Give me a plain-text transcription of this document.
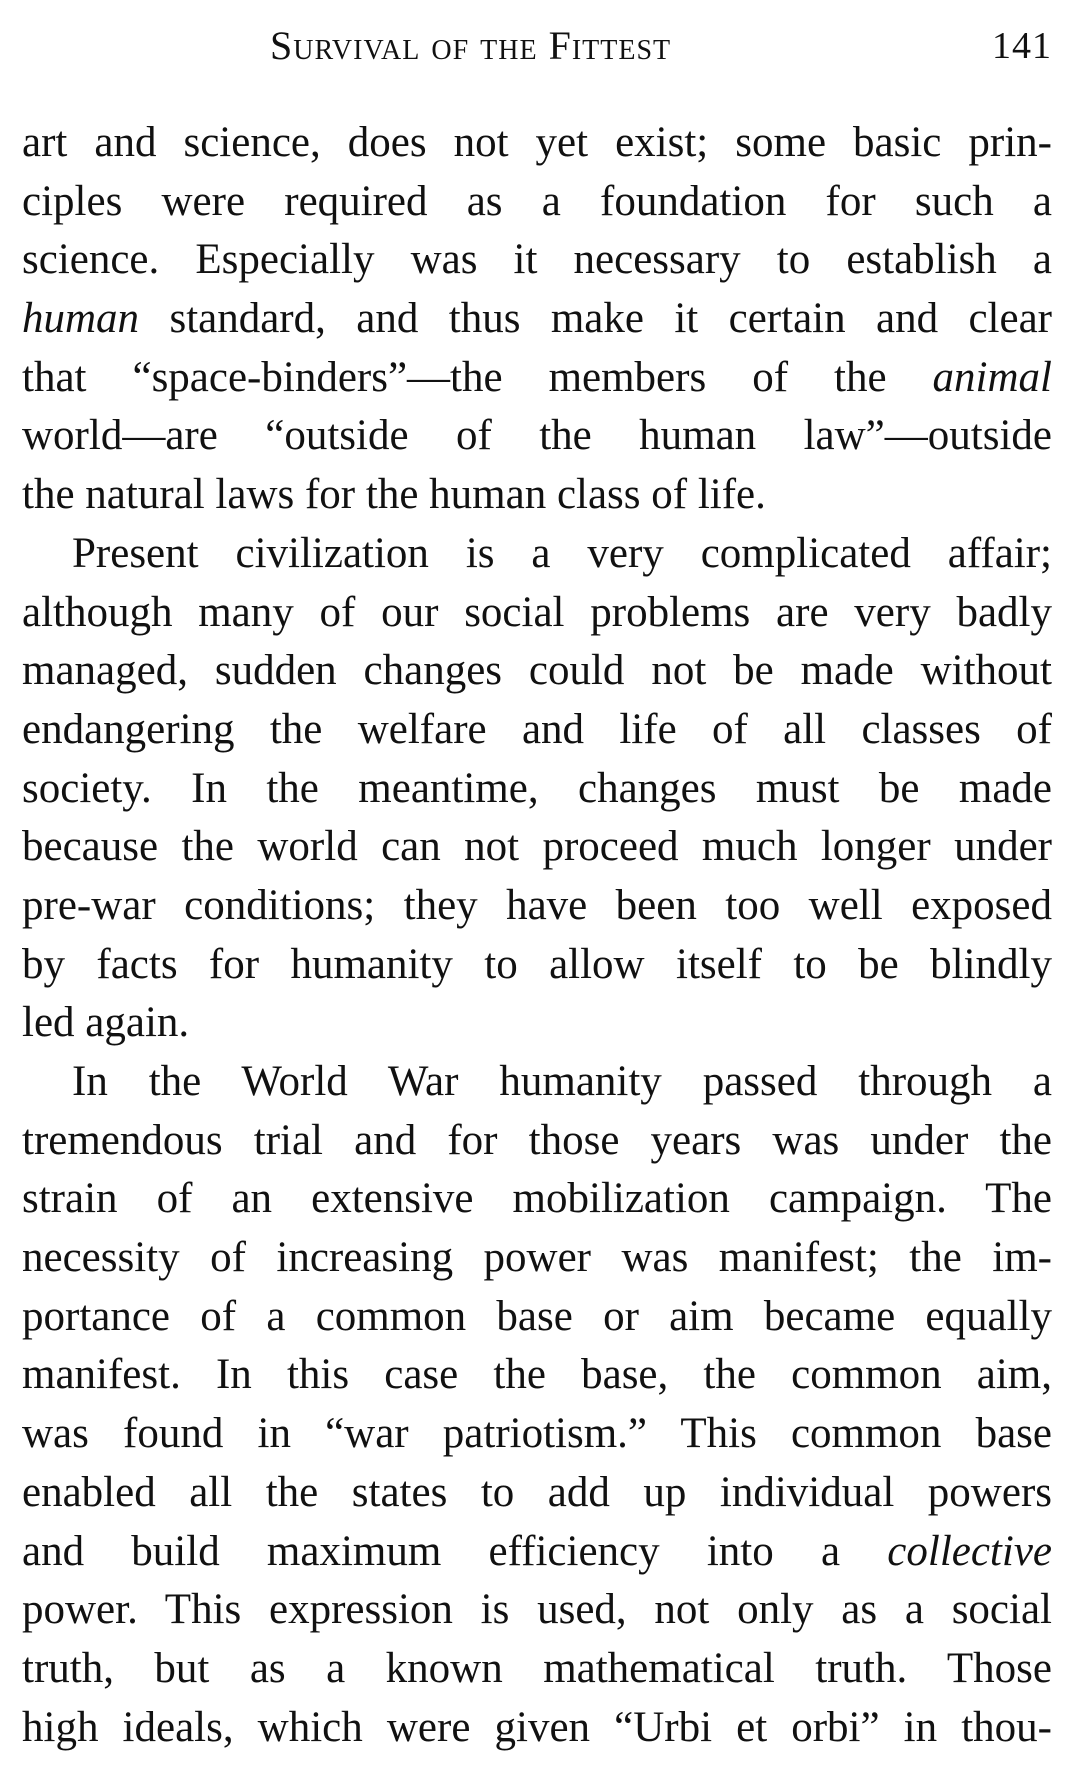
Survival of the Fittest	141
art and science, does not yet exist; some basic prin-
ciples were required as a foundation for such a
science. Especially was it necessary to establish a
human standard, and thus make it certain and clear
that “space-binders”—the members of the animal
world—are “outside of the human law”—outside
the natural laws for the human class of life.
Present civilization is a very complicated affair;
although many of our social problems are very badly
managed, sudden changes could not be made without
endangering the welfare and life of all classes of
society. In the meantime, changes must be made
because the world can not proceed much longer under
pre-war conditions; they have been too well exposed
by facts for humanity to allow itself to be blindly
led again.
In the World War humanity passed through a
tremendous trial and for those years was under the
strain of an extensive mobilization campaign. The
necessity of increasing power was manifest; the im-
portance of a common base or aim became equally
manifest. In this case the base, the common aim,
was found in “war patriotism.” This common base
enabled all the states to add up individual powers
and build maximum efficiency into a collective
power. This expression is used, not only as a social
truth, but as a known mathematical truth. Those
high ideals, which were given “Urbi et orbi” in thou-
